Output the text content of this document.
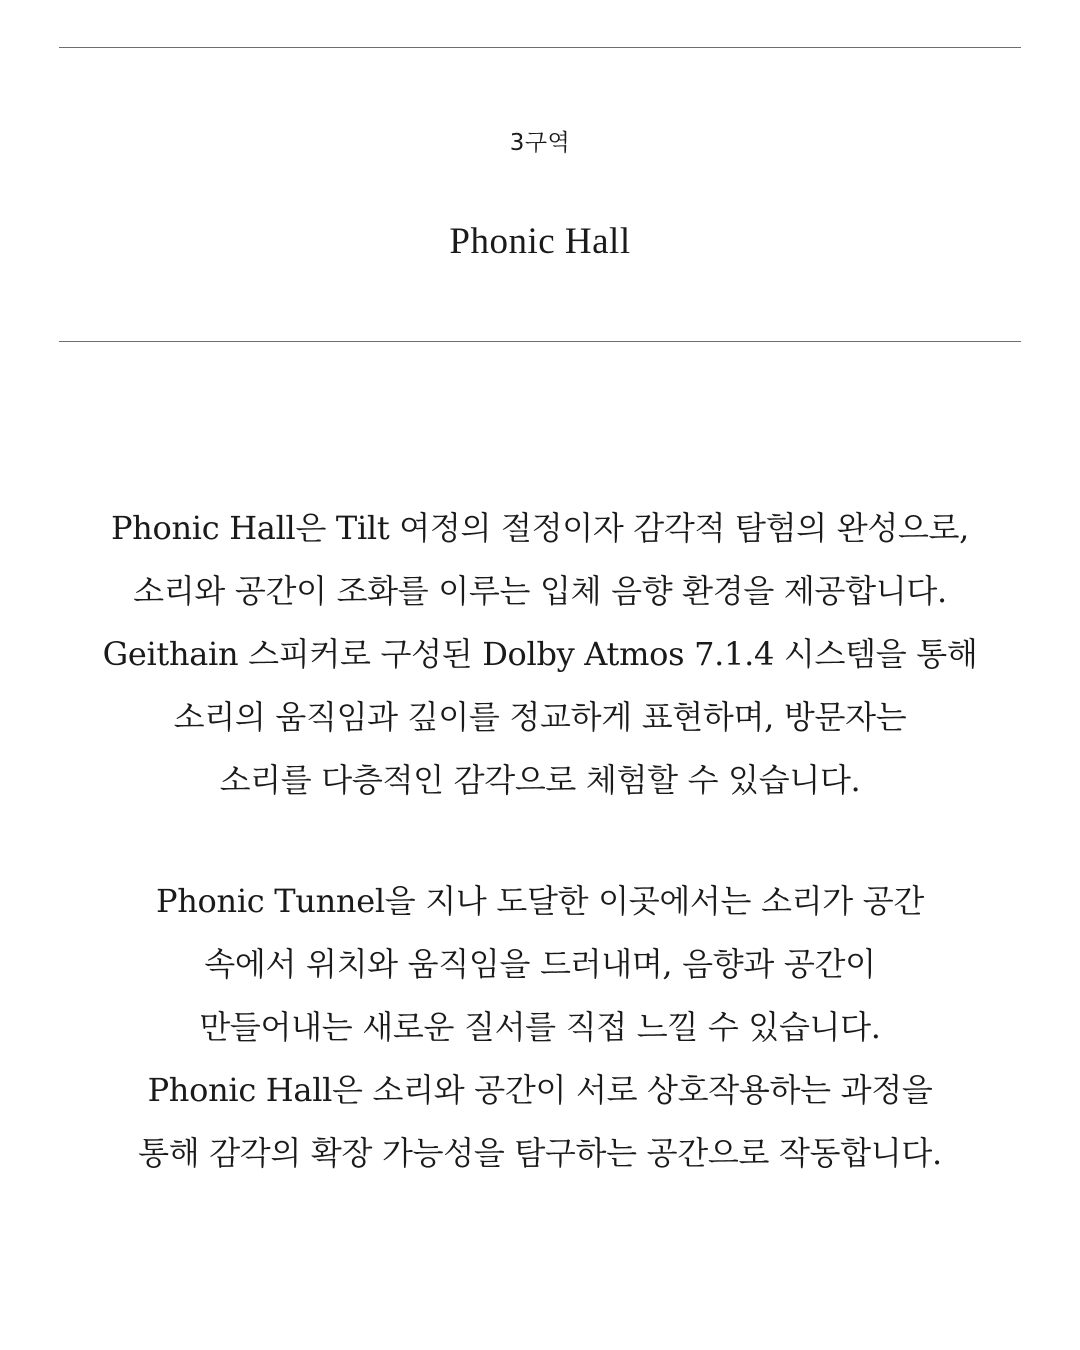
3구역
Phonic Hall
Phonic Hall은 Tilt 여정의 절정이자 감각적 탐험의 완성으로,
소리와 공간이 조화를 이루는 입체 음향 환경을 제공합니다.
Geithain 스피커로 구성된 Dolby Atmos 7.1.4 시스템을 통해
소리의 움직임과 깊이를 정교하게 표현하며, 방문자는
소리를 다층적인 감각으로 체험할 수 있습니다.
Phonic Tunnel을 지나 도달한 이곳에서는 소리가 공간
속에서 위치와 움직임을 드러내며, 음향과 공간이
만들어내는 새로운 질서를 직접 느낄 수 있습니다.
Phonic Hall은 소리와 공간이 서로 상호작용하는 과정을
통해 감각의 확장 가능성을 탐구하는 공간으로 작동합니다.
